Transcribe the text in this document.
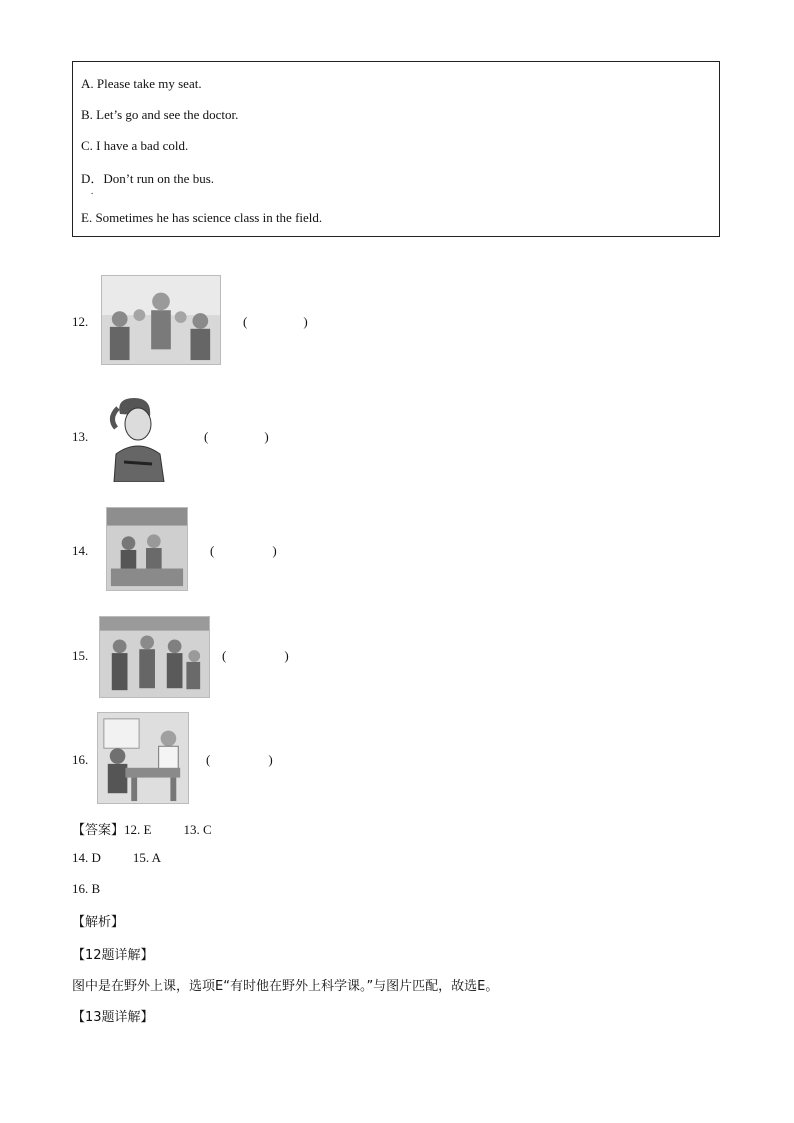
A. Please take my seat.
B. Let’s go and see the doctor.
C. I have a bad cold.
D．Don’t run on the bus.
.
E. Sometimes he has science class in the field.
12.	(	)
13.	(	)
14.	(	)
15.	(	)
16.	(	)
【答案】12. E 13. C
14. D 15. A
16. B
【解析】
【12题详解】
图中是在野外上课，选项E“有时他在野外上科学课。”与图片匹配，故选E。
【13题详解】
